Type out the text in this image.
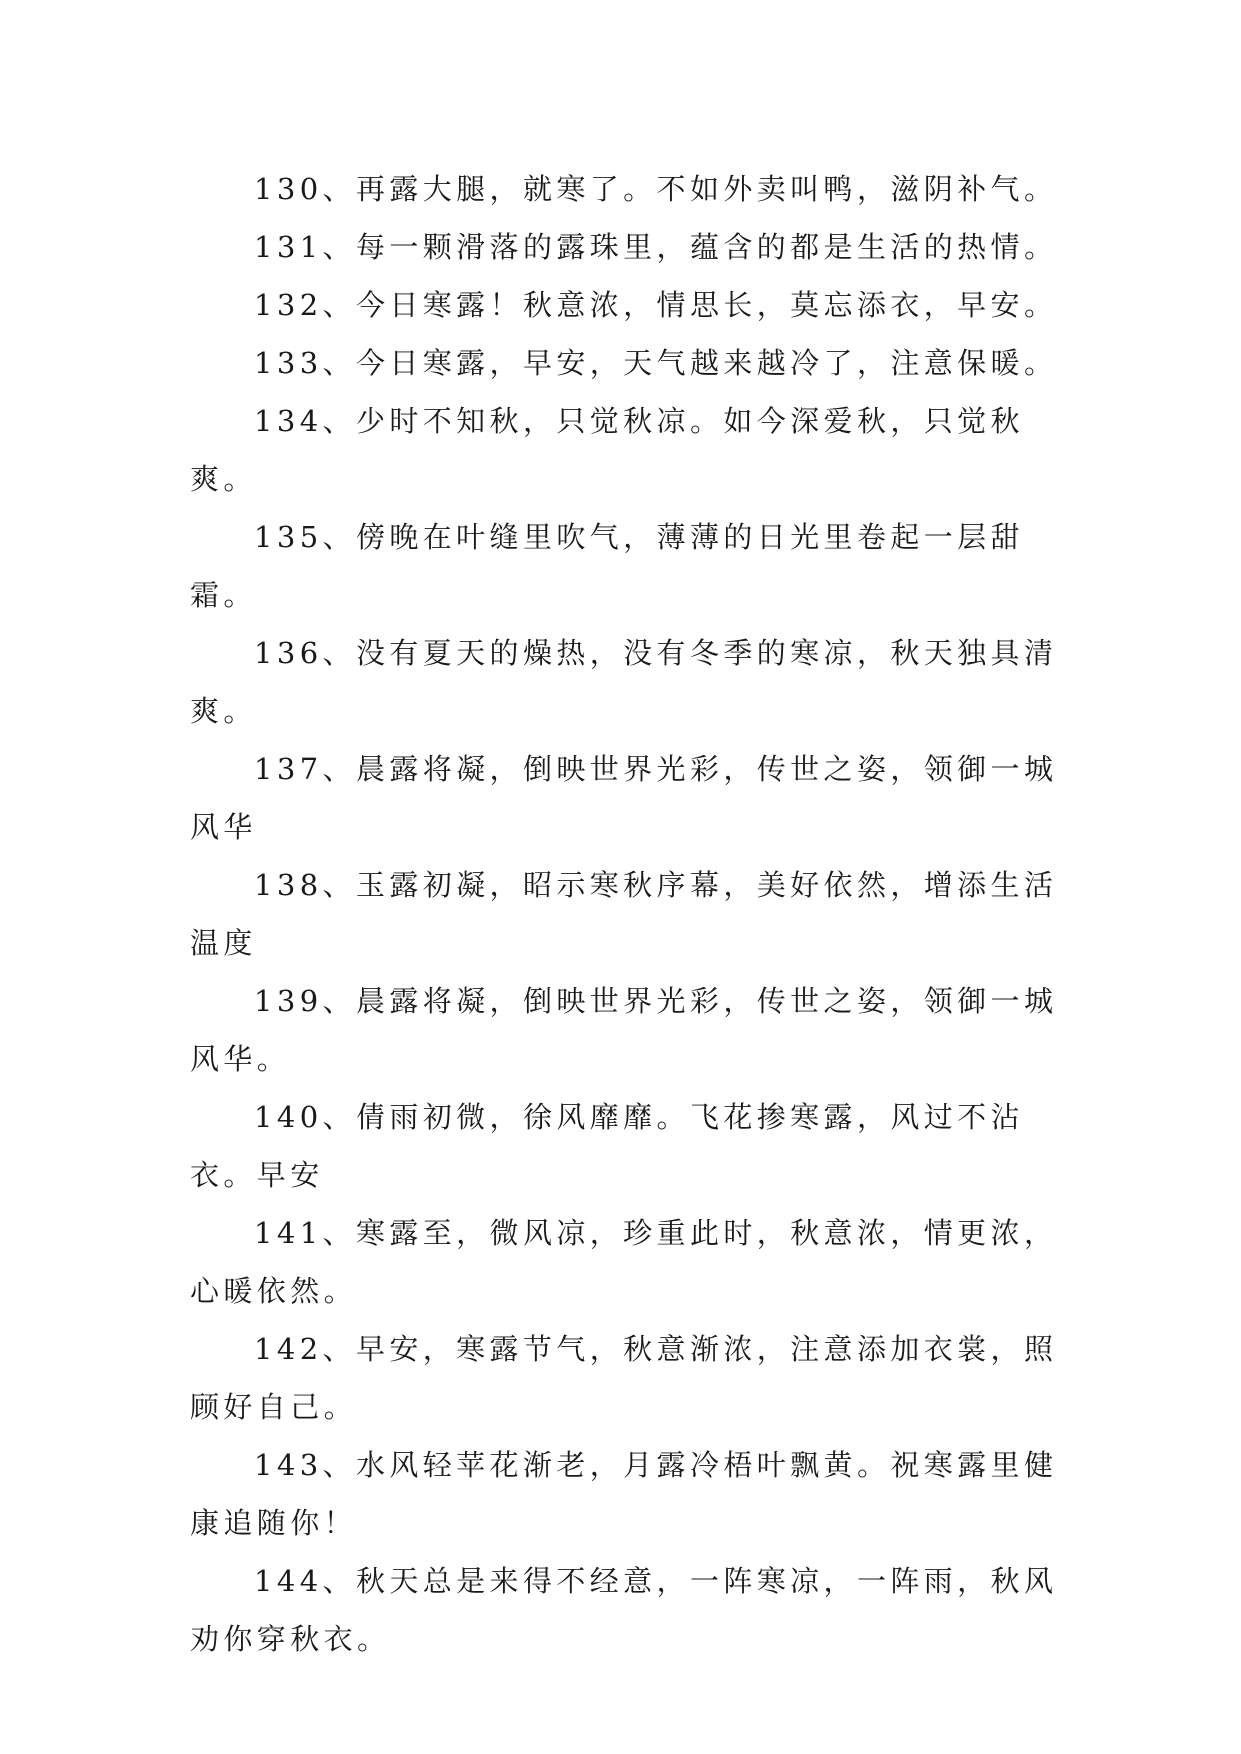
130、再露大腿，就寒了。不如外卖叫鸭，滋阴补气。

131、每一颗滑落的露珠里，蕴含的都是生活的热情。

132、今日寒露！秋意浓，情思长，莫忘添衣，早安。

133、今日寒露，早安，天气越来越冷了，注意保暖。

134、少时不知秋，只觉秋凉。如今深爱秋，只觉秋爽。

135、傍晚在叶缝里吹气，薄薄的日光里卷起一层甜霜。

136、没有夏天的燥热，没有冬季的寒凉，秋天独具清爽。

137、晨露将凝，倒映世界光彩，传世之姿，领御一城风华

138、玉露初凝，昭示寒秋序幕，美好依然，增添生活温度

139、晨露将凝，倒映世界光彩，传世之姿，领御一城风华。

140、倩雨初微，徐风靡靡。飞花掺寒露，风过不沾衣。早安

141、寒露至，微风凉，珍重此时，秋意浓，情更浓，心暖依然。

142、早安，寒露节气，秋意渐浓，注意添加衣裳，照顾好自己。

143、水风轻苹花渐老，月露冷梧叶飘黄。祝寒露里健康追随你！

144、秋天总是来得不经意，一阵寒凉，一阵雨，秋风劝你穿秋衣。
